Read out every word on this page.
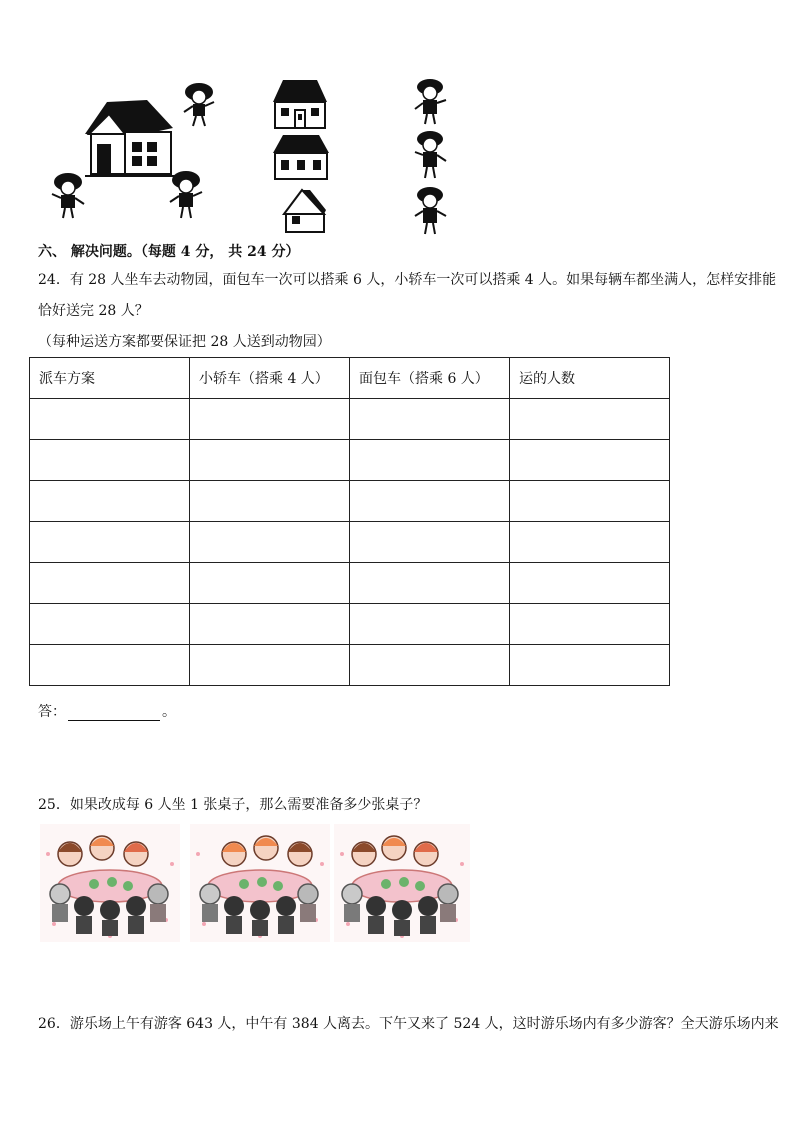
六、 解决问题。（每题 4 分， 共 24 分）
24．有 28 人坐车去动物园，面包车一次可以搭乘 6 人，小轿车一次可以搭乘 4 人。如果每辆车都坐满人，怎样安排能
恰好送完 28 人？
（每种运送方案都要保证把 28 人送到动物园）
派车方案	小轿车（搭乘 4 人）	面包车（搭乘 6 人）	运的人数

答：	。
25．如果改成每 6 人坐 1 张桌子，那么需要准备多少张桌子？
26．游乐场上午有游客 643 人，中午有 384 人离去。下午又来了 524 人，这时游乐场内有多少游客？全天游乐场内来
